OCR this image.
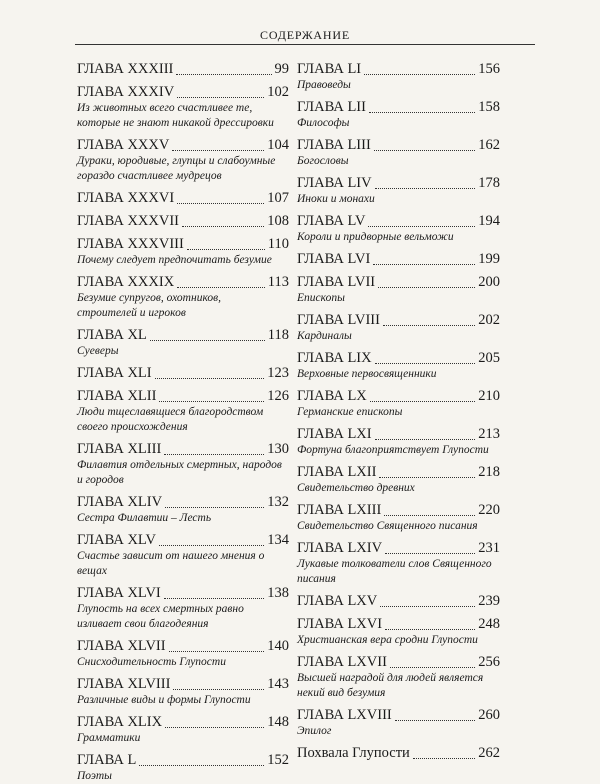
СОДЕРЖАНИЕ
ГЛАВА XXXIII	99
ГЛАВА XXXIV	102
Из животных всего счастливее те, которые не знают никакой дрессировки
ГЛАВА XXXV	104
Дураки, юродивые, глупцы и слабоумные гораздо счастливее мудрецов
ГЛАВА XXXVI	107
ГЛАВА XXXVII	108
ГЛАВА XXXVIII	110
Почему следует предпочитать безумие
ГЛАВА XXXIX	113
Безумие супругов, охотников, строителей и игроков
ГЛАВА XL	118
Суеверы
ГЛАВА XLI	123
ГЛАВА XLII	126
Люди тщеславящиеся благородством своего происхождения
ГЛАВА XLIII	130
Филавтия отдельных смертных, народов и городов
ГЛАВА XLIV	132
Сестра Филавтии – Лесть
ГЛАВА XLV	134
Счастье зависит от нашего мнения о вещах
ГЛАВА XLVI	138
Глупость на всех смертных равно изливает свои благодеяния
ГЛАВА XLVII	140
Снисходительность Глупости
ГЛАВА XLVIII	143
Различные виды и формы Глупости
ГЛАВА XLIX	148
Грамматики
ГЛАВА L	152
Поэты
ГЛАВА LI	156
Правоведы
ГЛАВА LII	158
Философы
ГЛАВА LIII	162
Богословы
ГЛАВА LIV	178
Иноки и монахи
ГЛАВА LV	194
Короли и придворные вельможи
ГЛАВА LVI	199
ГЛАВА LVII	200
Епископы
ГЛАВА LVIII	202
Кардиналы
ГЛАВА LIX	205
Верховные первосвященники
ГЛАВА LX	210
Германские епископы
ГЛАВА LXI	213
Фортуна благоприятствует Глупости
ГЛАВА LXII	218
Свидетельство древних
ГЛАВА LXIII	220
Свидетельство Священного писания
ГЛАВА LXIV	231
Лукавые толкователи слов Священного писания
ГЛАВА LXV	239
ГЛАВА LXVI	248
Христианская вера сродни Глупости
ГЛАВА LXVII	256
Высшей наградой для людей является некий вид безумия
ГЛАВА LXVIII	260
Эпилог
Похвала Глупости	262
